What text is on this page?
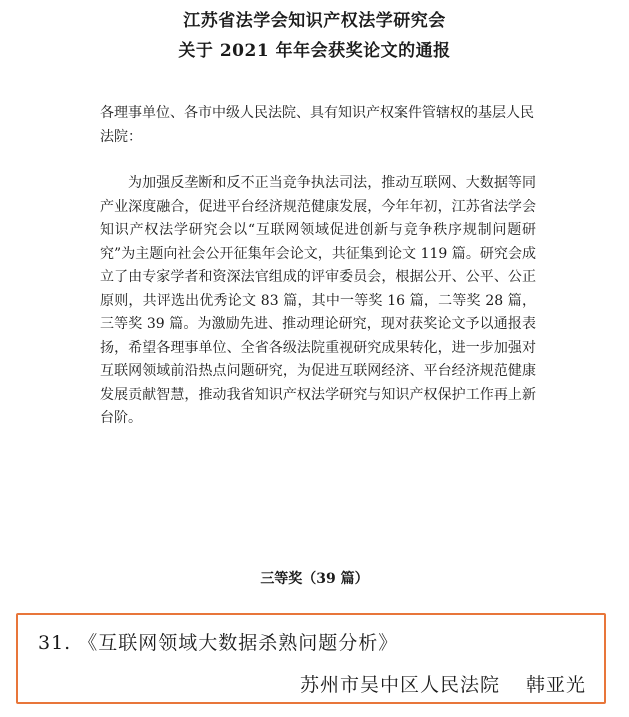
江苏省法学会知识产权法学研究会
关于 2021 年年会获奖论文的通报

各理事单位、各市中级人民法院、具有知识产权案件管辖权的基层人民法院：

为加强反垄断和反不正当竞争执法司法，推动互联网、大数据等同产业深度融合，促进平台经济规范健康发展，今年年初，江苏省法学会知识产权法学研究会以“互联网领域促进创新与竞争秩序规制问题研究”为主题向社会公开征集年会论文，共征集到论文 119 篇。研究会成立了由专家学者和资深法官组成的评审委员会，根据公开、公平、公正原则，共评选出优秀论文 83 篇，其中一等奖 16 篇，二等奖 28 篇，三等奖 39 篇。为激励先进、推动理论研究，现对获奖论文予以通报表扬，希望各理事单位、全省各级法院重视研究成果转化，进一步加强对互联网领域前沿热点问题研究，为促进互联网经济、平台经济规范健康发展贡献智慧，推动我省知识产权法学研究与知识产权保护工作再上新台阶。

三等奖（39 篇）
31. 《互联网领域大数据杀熟问题分析》
苏州市吴中区人民法院 韩亚光
